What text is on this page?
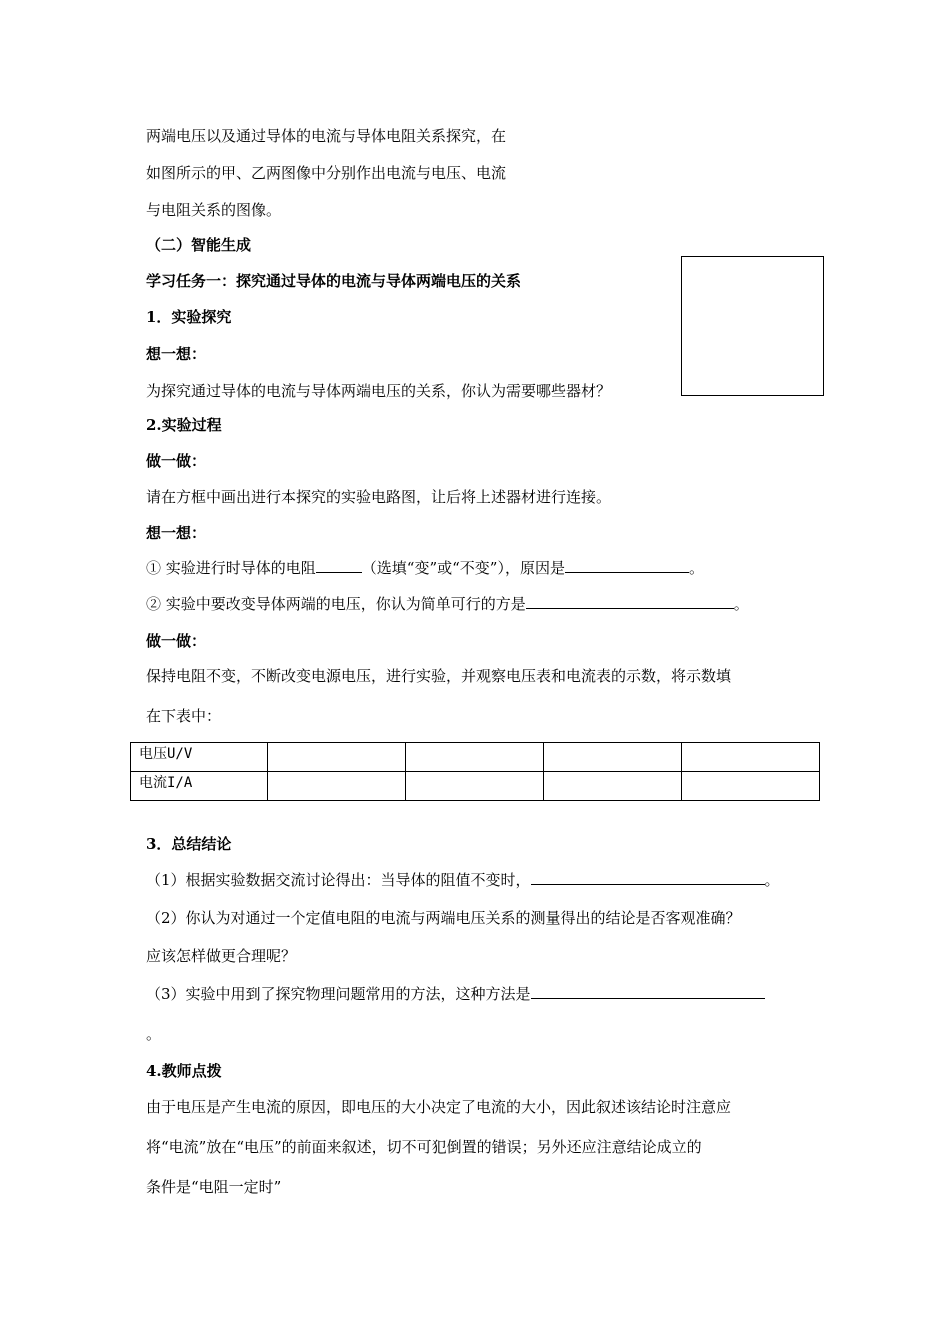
两端电压以及通过导体的电流与导体电阻关系探究，在
如图所示的甲、乙两图像中分别作出电流与电压、电流
与电阻关系的图像。
（二）智能生成
学习任务一：探究通过导体的电流与导体两端电压的关系
1．实验探究
想一想：
为探究通过导体的电流与导体两端电压的关系，你认为需要哪些器材？
2.实验过程
做一做：
请在方框中画出进行本探究的实验电路图，让后将上述器材进行连接。
想一想：
① 实验进行时导体的电阻	（选填“变”或“不变”），原因是	。
② 实验中要改变导体两端的电压，你认为简单可行的方是	。
做一做：
保持电阻不变，不断改变电源电压，进行实验，并观察电压表和电流表的示数，将示数填
在下表中：
电压U/V				
电流I/A				
3．总结结论
（1）根据实验数据交流讨论得出：当导体的阻值不变时，	。
（2）你认为对通过一个定值电阻的电流与两端电压关系的测量得出的结论是否客观准确？
应该怎样做更合理呢？
（3）实验中用到了探究物理问题常用的方法，这种方法是
。
4.教师点拨
由于电压是产生电流的原因，即电压的大小决定了电流的大小，因此叙述该结论时注意应
将“电流”放在“电压”的前面来叙述，切不可犯倒置的错误；另外还应注意结论成立的
条件是“电阻一定时”
